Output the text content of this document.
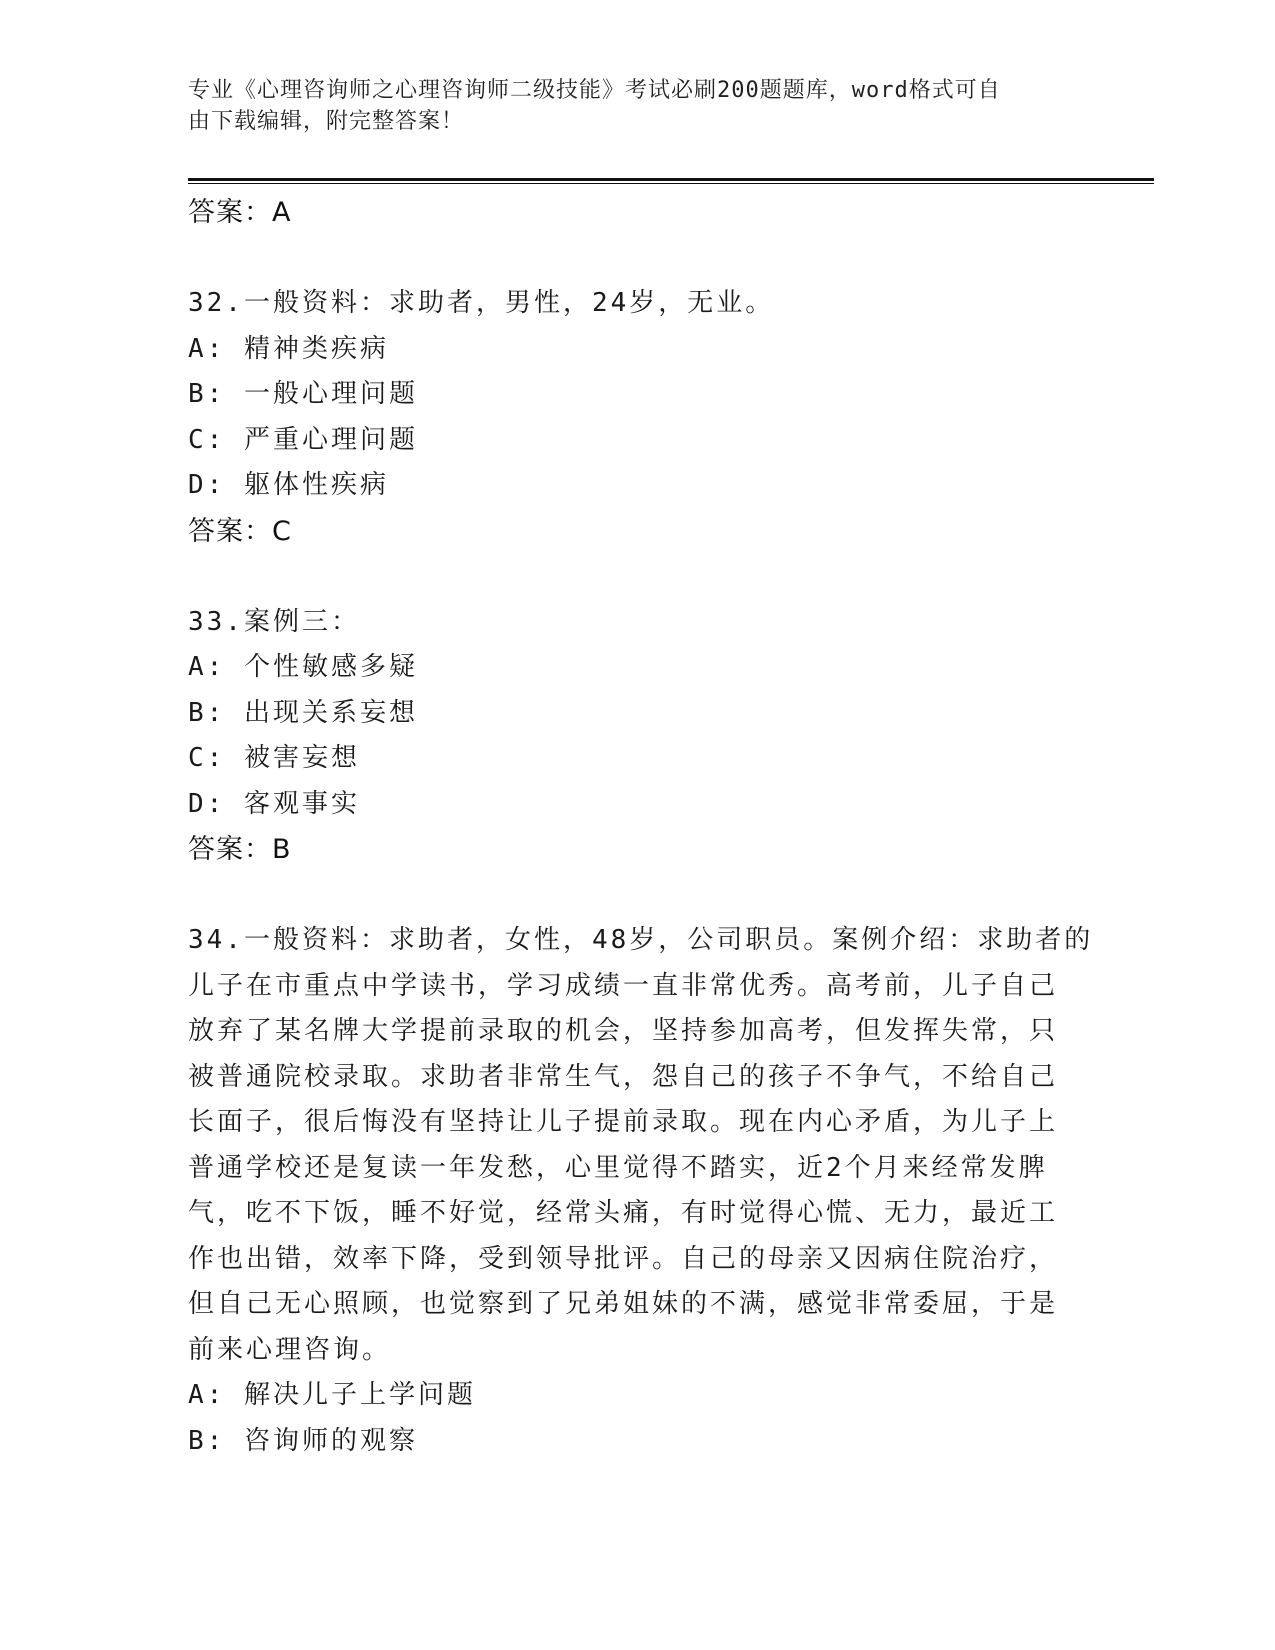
专业《心理咨询师之心理咨询师二级技能》考试必刷200题题库，word格式可自
由下载编辑，附完整答案！
答案：A
32.一般资料：求助者，男性，24岁，无业。
A: 精神类疾病
B: 一般心理问题
C: 严重心理问题
D: 躯体性疾病
答案：C
33.案例三：
A: 个性敏感多疑
B: 出现关系妄想
C: 被害妄想
D: 客观事实
答案：B
34.一般资料：求助者，女性，48岁，公司职员。案例介绍：求助者的
儿子在市重点中学读书，学习成绩一直非常优秀。高考前，儿子自己
放弃了某名牌大学提前录取的机会，坚持参加高考，但发挥失常，只
被普通院校录取。求助者非常生气，怨自己的孩子不争气，不给自己
长面子，很后悔没有坚持让儿子提前录取。现在内心矛盾，为儿子上
普通学校还是复读一年发愁，心里觉得不踏实，近2个月来经常发脾
气，吃不下饭，睡不好觉，经常头痛，有时觉得心慌、无力，最近工
作也出错，效率下降，受到领导批评。自己的母亲又因病住院治疗，
但自己无心照顾，也觉察到了兄弟姐妹的不满，感觉非常委屈，于是
前来心理咨询。
A: 解决儿子上学问题
B: 咨询师的观察
